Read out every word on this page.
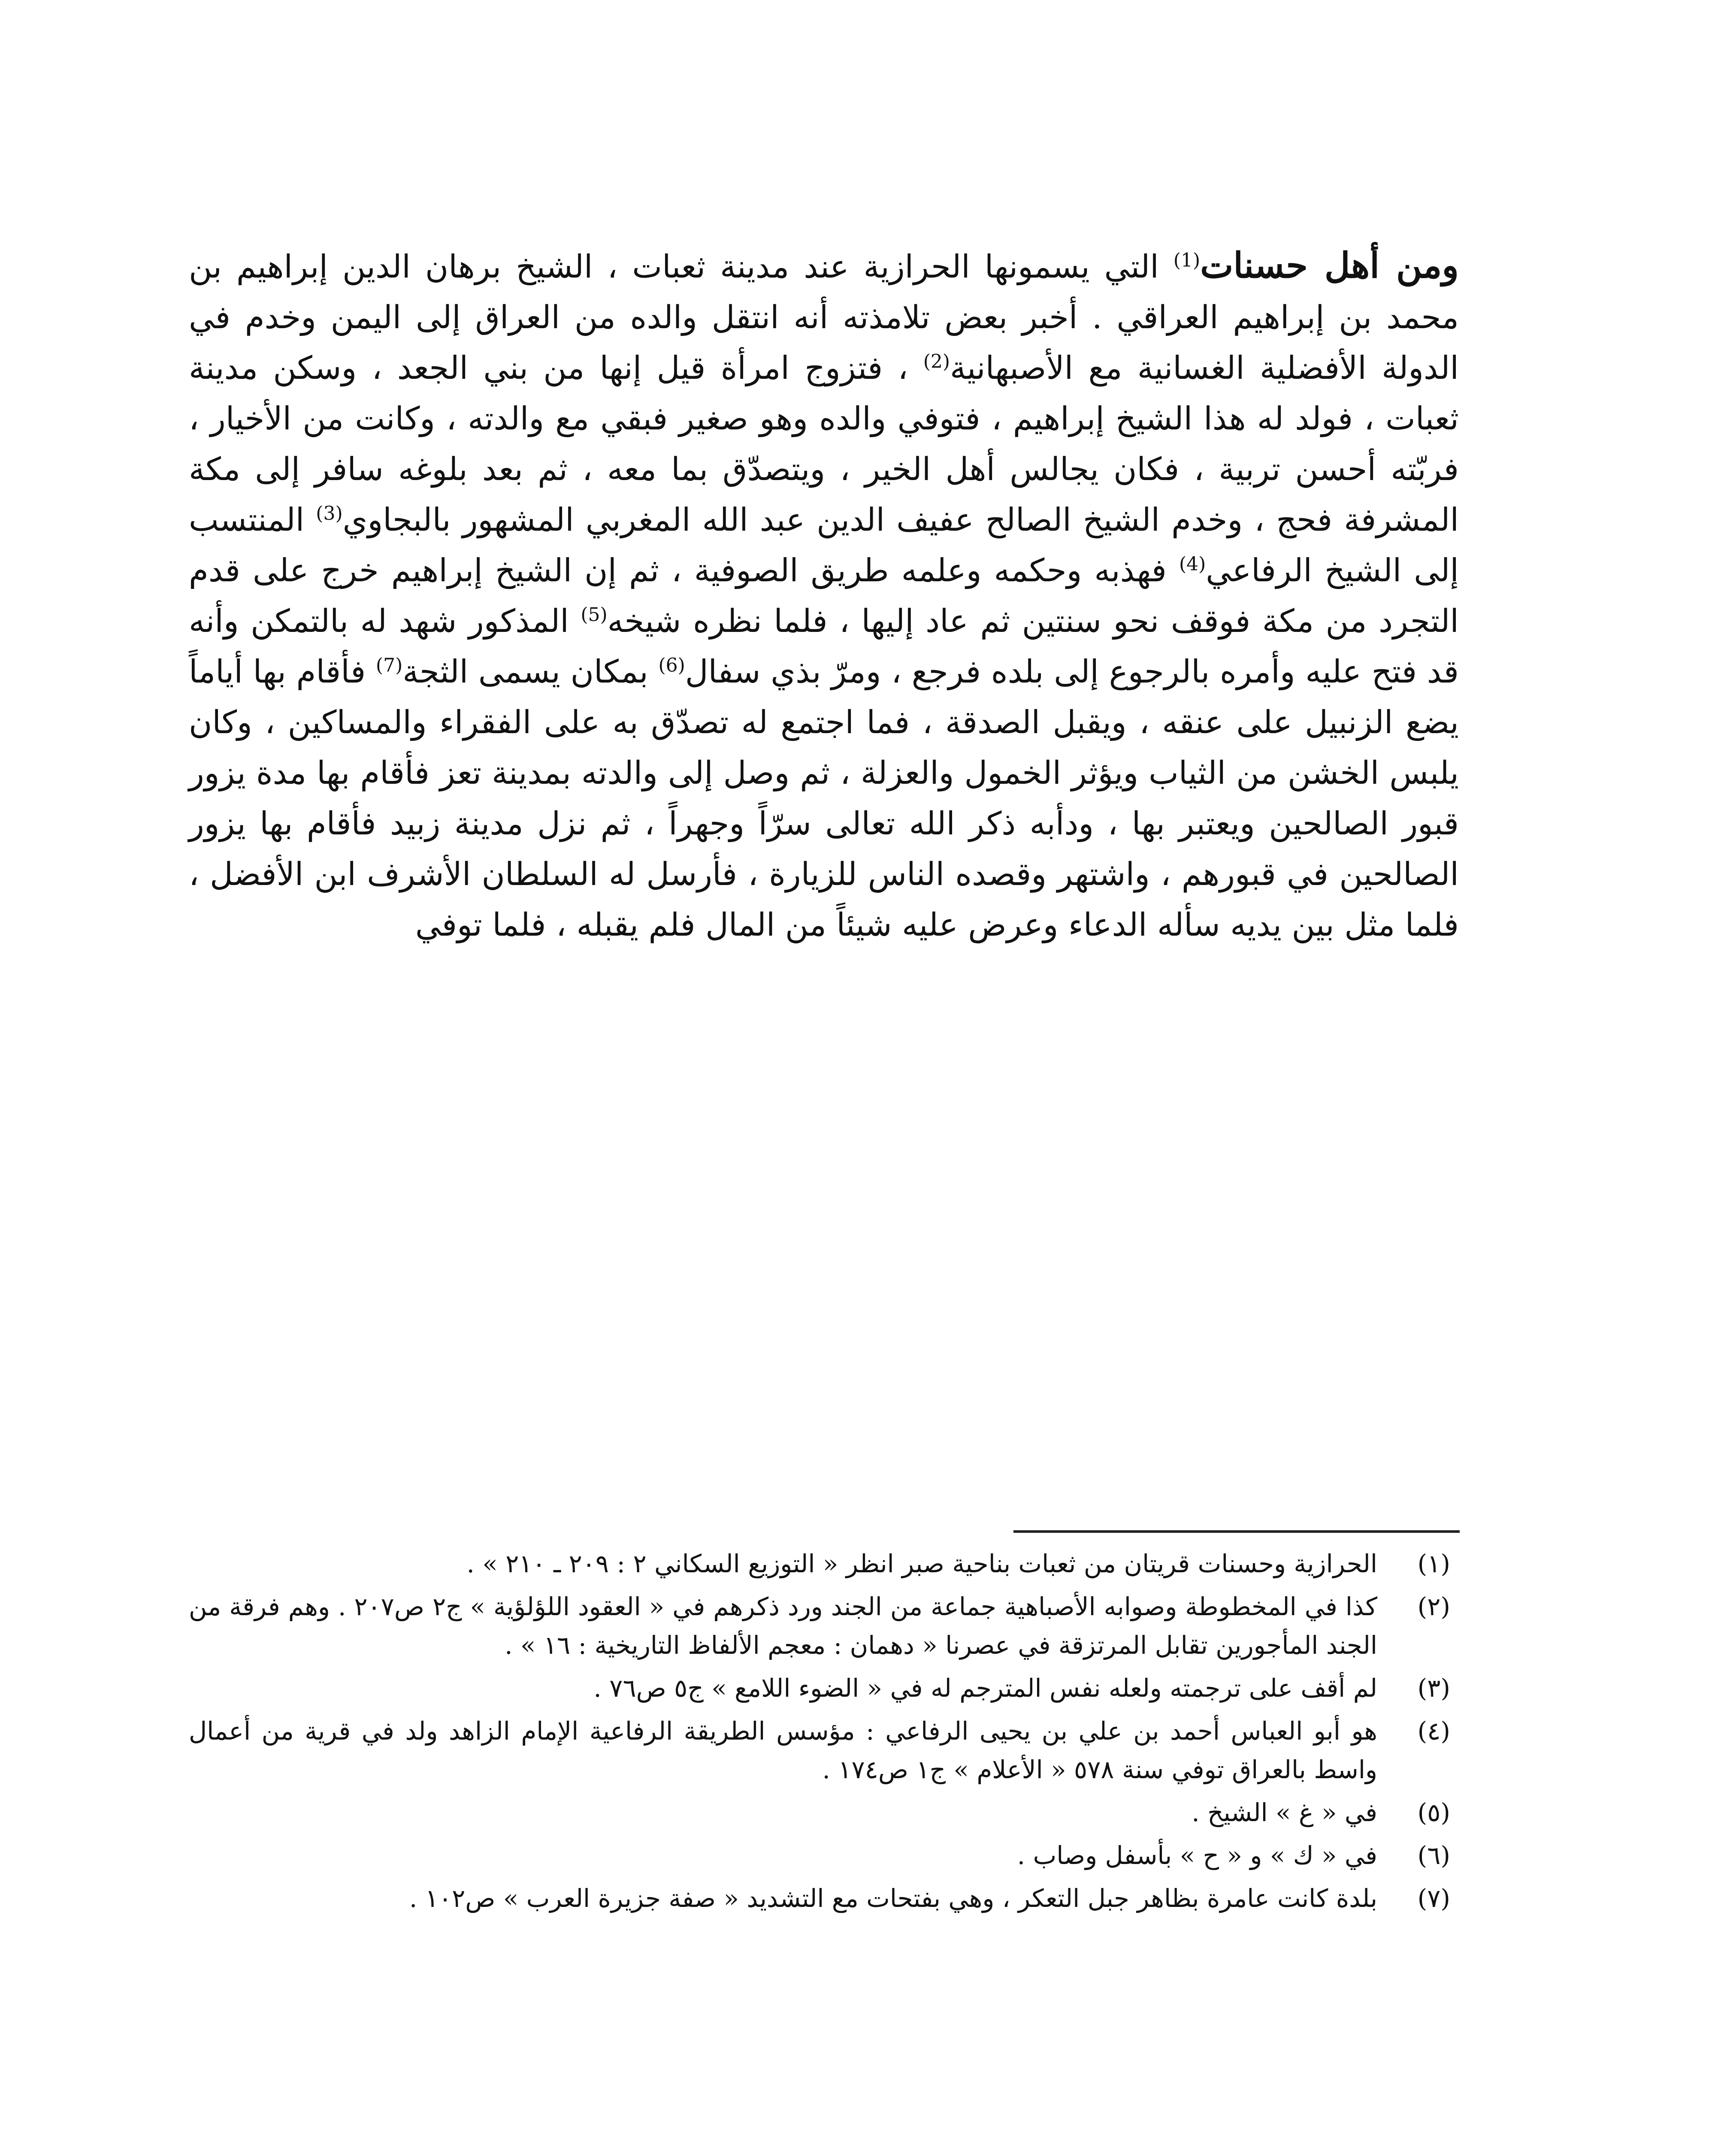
ومن أهل حسنات$^{(1)}$ التي يسمونها الحرازية عند مدينة ثعبات ، الشيخ برهان الدين إبراهيم بن محمد بن إبراهيم العراقي . أخبر بعض تلامذته أنه انتقل والده من العراق إلى اليمن وخدم في الدولة الأفضلية الغسانية مع الأصبهانية$^{(2)}$ ، فتزوج امرأة قيل إنها من بني الجعد ، وسكن مدينة ثعبات ، فولد له هذا الشيخ إبراهيم ، فتوفي والده وهو صغير فبقي مع والدته ، وكانت من الأخيار ، فربّته أحسن تربية ، فكان يجالس أهل الخير ، ويتصدّق بما معه ، ثم بعد بلوغه سافر إلى مكة المشرفة فحج ، وخدم الشيخ الصالح عفيف الدين عبد الله المغربي المشهور بالبجاوي$^{(3)}$ المنتسب إلى الشيخ الرفاعي$^{(4)}$ فهذبه وحكمه وعلمه طريق الصوفية ، ثم إن الشيخ إبراهيم خرج على قدم التجرد من مكة فوقف نحو سنتين ثم عاد إليها ، فلما نظره شيخه$^{(5)}$ المذكور شهد له بالتمكن وأنه قد فتح عليه وأمره بالرجوع إلى بلده فرجع ، ومرّ بذي سفال$^{(6)}$ بمكان يسمى الثجة$^{(7)}$ فأقام بها أياماً يضع الزنبيل على عنقه ، ويقبل الصدقة ، فما اجتمع له تصدّق به على الفقراء والمساكين ، وكان يلبس الخشن من الثياب ويؤثر الخمول والعزلة ، ثم وصل إلى والدته بمدينة تعز فأقام بها مدة يزور قبور الصالحين ويعتبر بها ، ودأبه ذكر الله تعالى سرّاً وجهراً ، ثم نزل مدينة زبيد فأقام بها يزور الصالحين في قبورهم ، واشتهر وقصده الناس للزيارة ، فأرسل له السلطان الأشرف ابن الأفضل ، فلما مثل بين يديه سأله الدعاء وعرض عليه شيئاً من المال فلم يقبله ، فلما توفي

(١)
الحرازية وحسنات قريتان من ثعبات بناحية صبر انظر « التوزيع السكاني ٢ : ٢٠٩ ـ ٢١٠ » .
(٢)
كذا في المخطوطة وصوابه الأصباهية جماعة من الجند ورد ذكرهم في « العقود اللؤلؤية » ج٢ ص٢٠٧ . وهم فرقة من الجند المأجورين تقابل المرتزقة في عصرنا « دهمان : معجم الألفاظ التاريخية : ١٦ » .
(٣)
لم أقف على ترجمته ولعله نفس المترجم له في « الضوء اللامع » ج٥ ص٧٦ .
(٤)
هو أبو العباس أحمد بن علي بن يحيى الرفاعي : مؤسس الطريقة الرفاعية الإمام الزاهد ولد في قرية من أعمال واسط بالعراق توفي سنة ٥٧٨ « الأعلام » ج١ ص١٧٤ .
(٥)
في « غ » الشيخ .
(٦)
في « ك » و « ح » بأسفل وصاب .
(٧)
بلدة كانت عامرة بظاهر جبل التعكر ، وهي بفتحات مع التشديد « صفة جزيرة العرب » ص١٠٢ .
